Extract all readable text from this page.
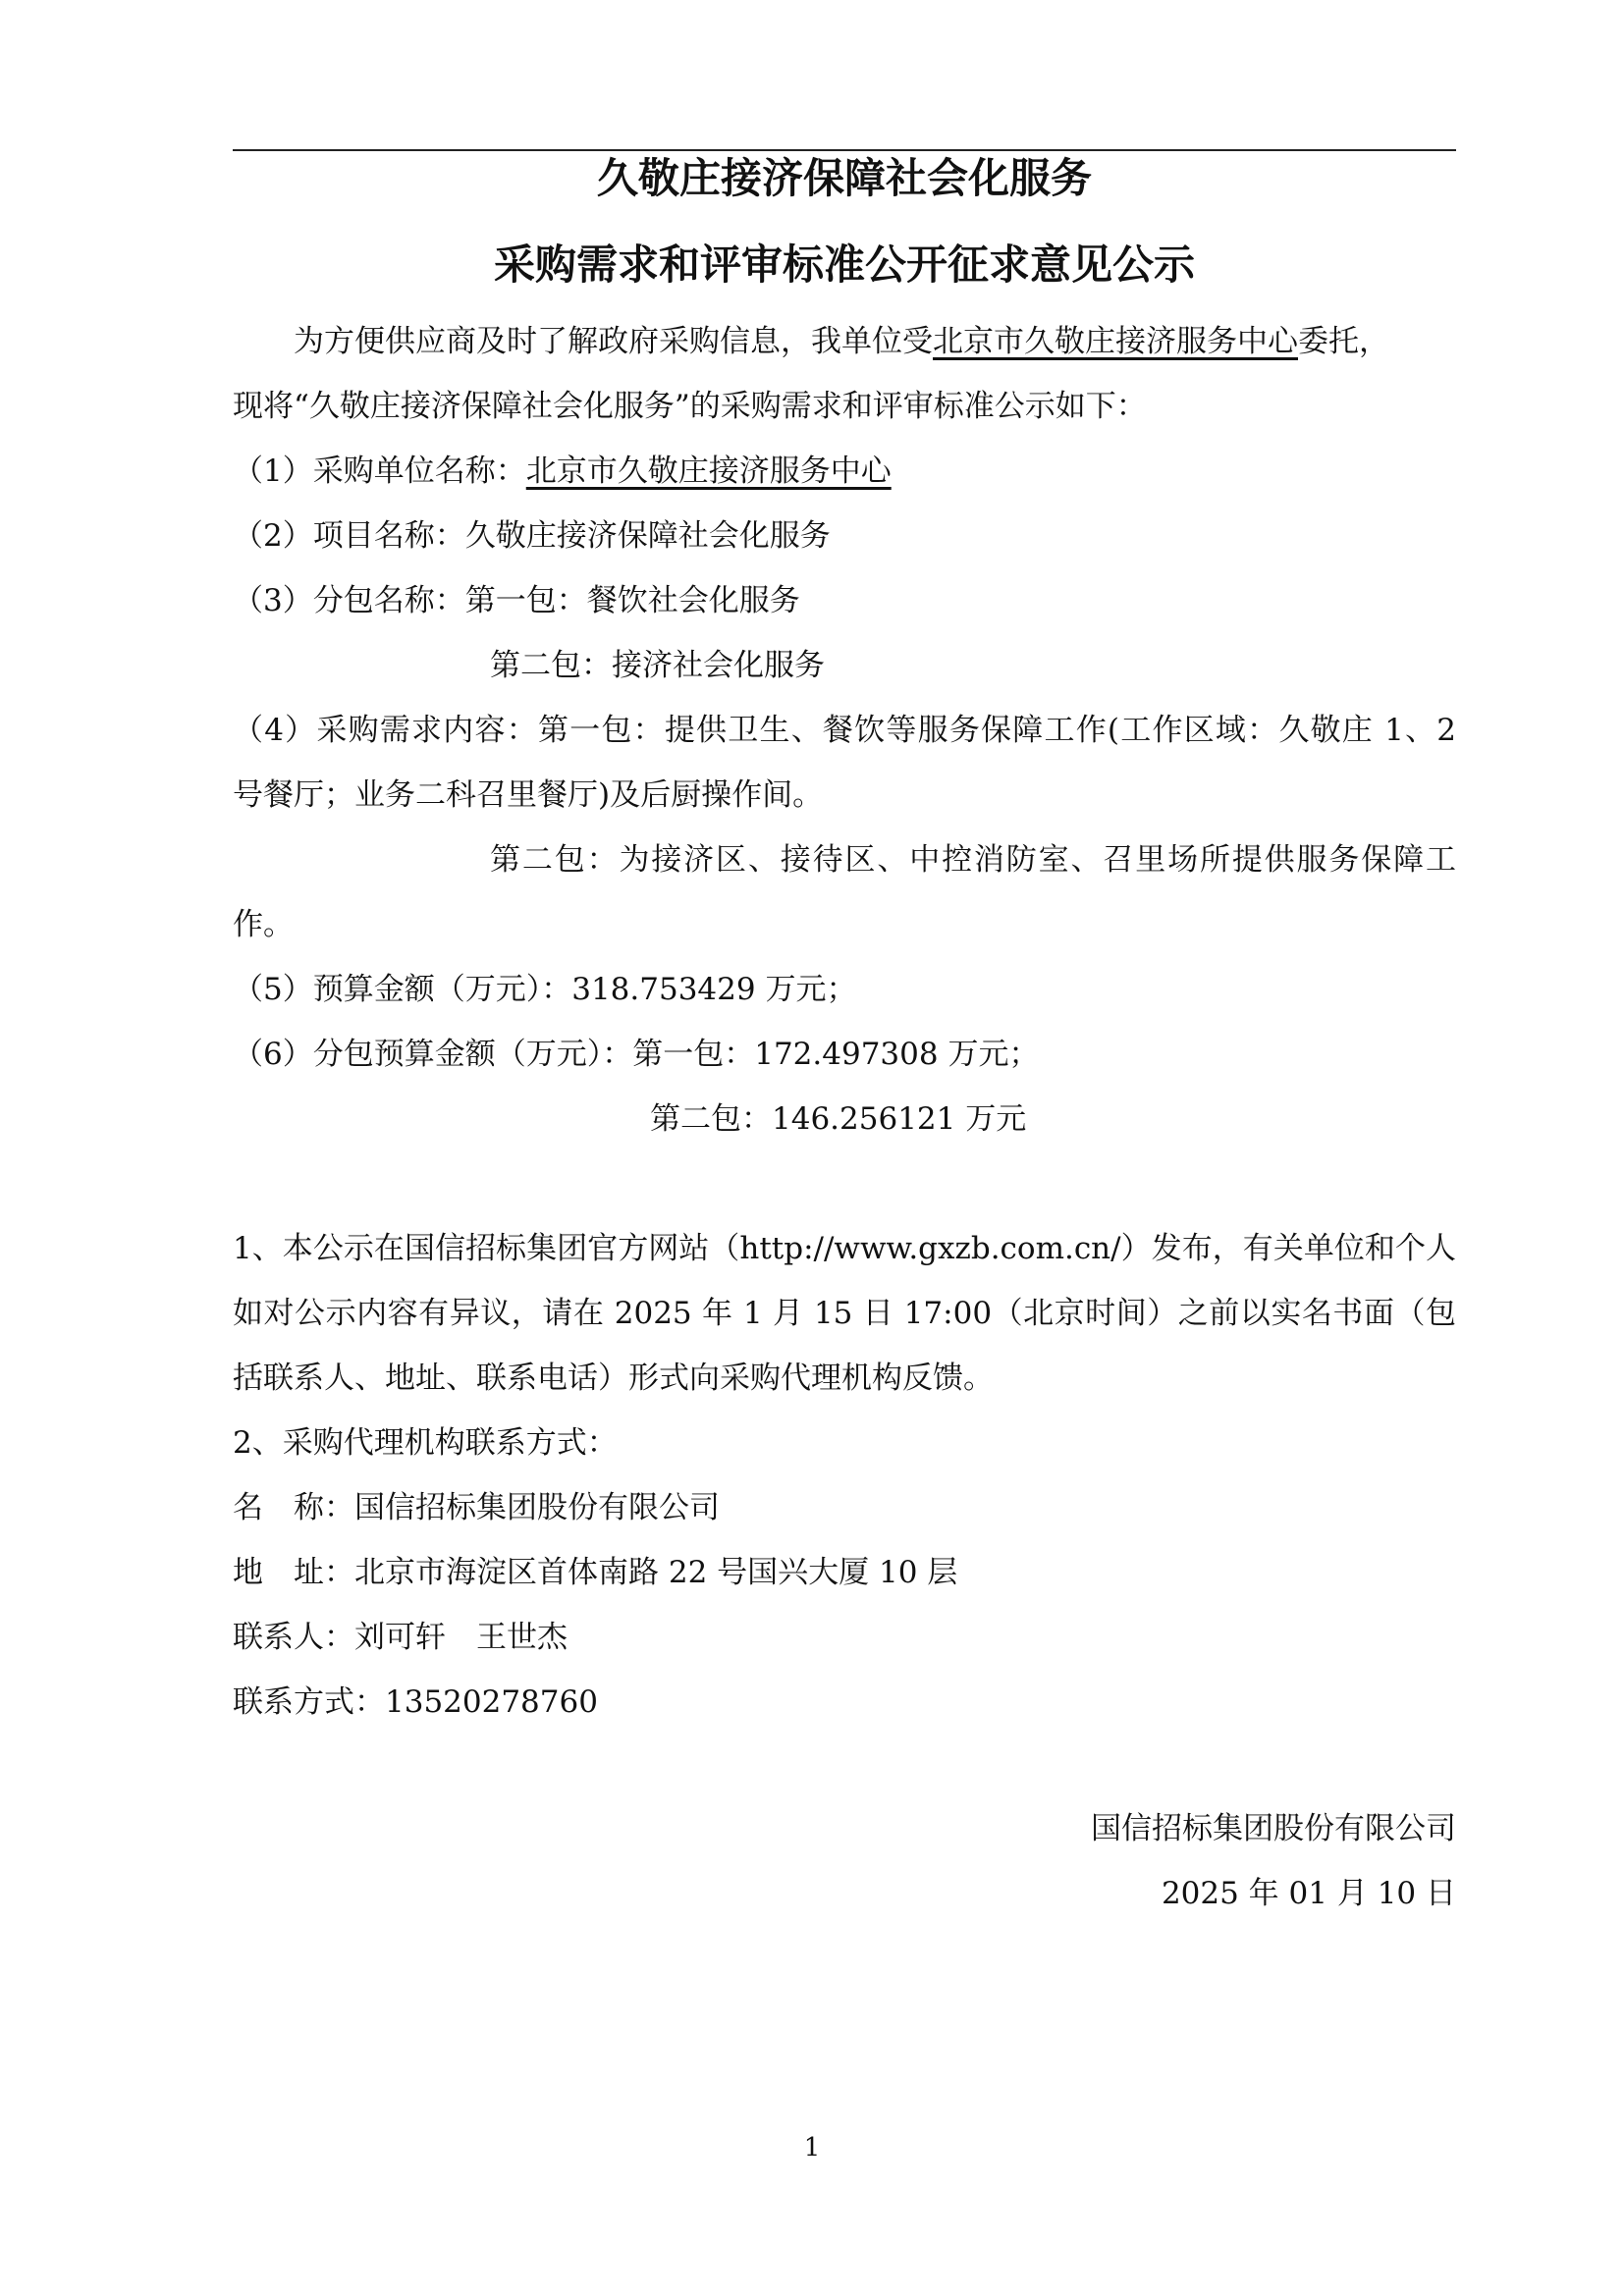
久敬庄接济保障社会化服务
采购需求和评审标准公开征求意见公示
为方便供应商及时了解政府采购信息，我单位受北京市久敬庄接济服务中心委托，
现将“久敬庄接济保障社会化服务”的采购需求和评审标准公示如下：
（1）采购单位名称：北京市久敬庄接济服务中心
（2）项目名称：久敬庄接济保障社会化服务
（3）分包名称：第一包：餐饮社会化服务
第二包：接济社会化服务
（4）采购需求内容：第一包：提供卫生、餐饮等服务保障工作(工作区域：久敬庄 1、2
号餐厅；业务二科召里餐厅)及后厨操作间。
第二包：为接济区、接待区、中控消防室、召里场所提供服务保障工
作。
（5）预算金额（万元）：318.753429 万元；
（6）分包预算金额（万元）：第一包：172.497308 万元；
第二包：146.256121 万元
1、本公示在国信招标集团官方网站（http://www.gxzb.com.cn/）发布，有关单位和个人
如对公示内容有异议，请在 2025 年 1 月 15 日 17:00（北京时间）之前以实名书面（包
括联系人、地址、联系电话）形式向采购代理机构反馈。
2、采购代理机构联系方式：
名　称：国信招标集团股份有限公司
地　址：北京市海淀区首体南路 22 号国兴大厦 10 层
联系人：刘可轩　王世杰
联系方式：13520278760
国信招标集团股份有限公司
2025 年 01 月 10 日
1
